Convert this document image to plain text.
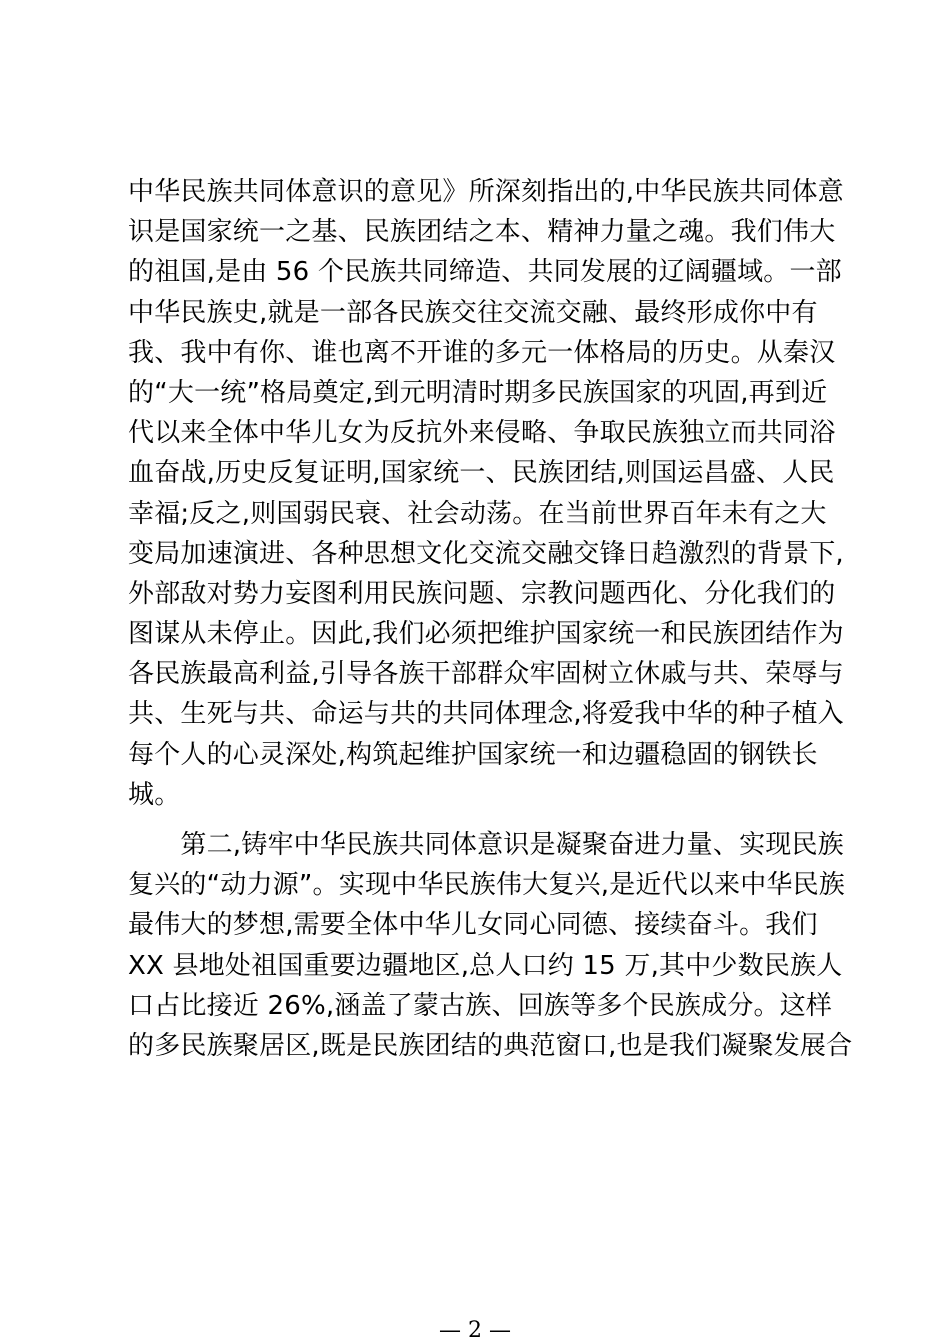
中华民族共同体意识的意见》所深刻指出的,中华民族共同体意
识是国家统一之基、民族团结之本、精神力量之魂。我们伟大
的祖国,是由 56 个民族共同缔造、共同发展的辽阔疆域。一部
中华民族史,就是一部各民族交往交流交融、最终形成你中有
我、我中有你、谁也离不开谁的多元一体格局的历史。从秦汉
的“大一统”格局奠定,到元明清时期多民族国家的巩固,再到近
代以来全体中华儿女为反抗外来侵略、争取民族独立而共同浴
血奋战,历史反复证明,国家统一、民族团结,则国运昌盛、人民
幸福;反之,则国弱民衰、社会动荡。在当前世界百年未有之大
变局加速演进、各种思想文化交流交融交锋日趋激烈的背景下,
外部敌对势力妄图利用民族问题、宗教问题西化、分化我们的
图谋从未停止。因此,我们必须把维护国家统一和民族团结作为
各民族最高利益,引导各族干部群众牢固树立休戚与共、荣辱与
共、生死与共、命运与共的共同体理念,将爱我中华的种子植入
每个人的心灵深处,构筑起维护国家统一和边疆稳固的钢铁长
城。
　　第二,铸牢中华民族共同体意识是凝聚奋进力量、实现民族
复兴的“动力源”。实现中华民族伟大复兴,是近代以来中华民族
最伟大的梦想,需要全体中华儿女同心同德、接续奋斗。我们
XX 县地处祖国重要边疆地区,总人口约 15 万,其中少数民族人
口占比接近 26%,涵盖了蒙古族、回族等多个民族成分。这样
的多民族聚居区,既是民族团结的典范窗口,也是我们凝聚发展合
— 2 —
